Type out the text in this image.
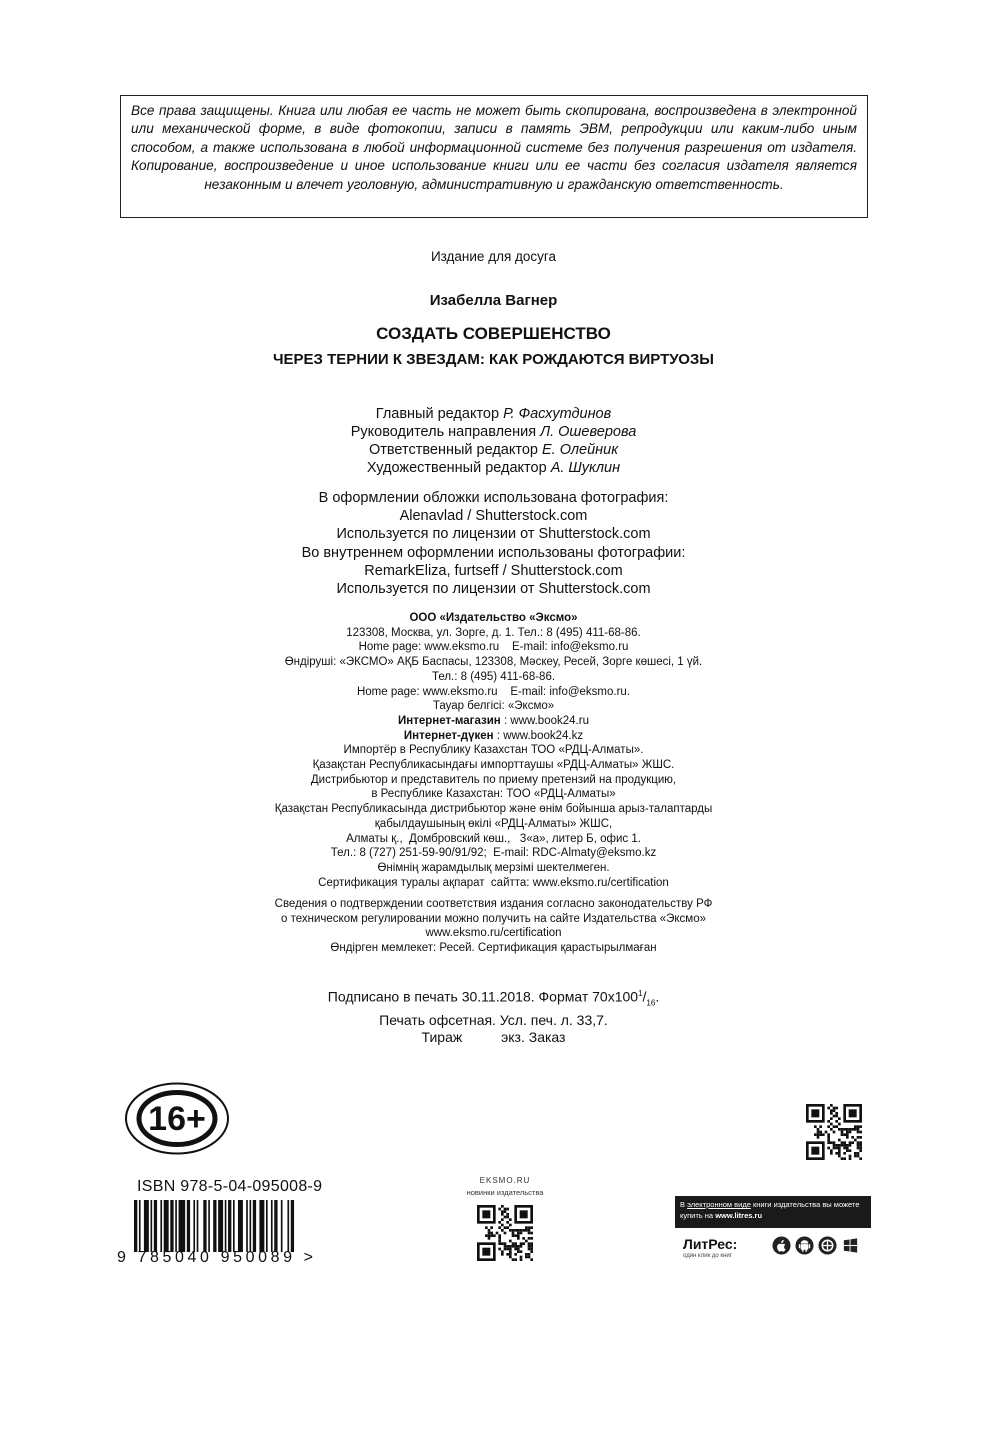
Все права защищены. Книга или любая ее часть не может быть скопирована, воспроизведена в электронной или механической форме, в виде фотокопии, записи в память ЭВМ, репродукции или каким-либо иным способом, а также использована в любой информационной системе без получения разрешения от издателя. Копирование, воспроизведение и иное использование книги или ее части без согласия издателя является незаконным и влечет уголовную, административную и гражданскую ответственность.

Издание для досуга
Изабелла Вагнер
СОЗДАТЬ СОВЕРШЕНСТВО
ЧЕРЕЗ ТЕРНИИ К ЗВЕЗДАМ: КАК РОЖДАЮТСЯ ВИРТУОЗЫ
Главный редактор Р. Фасхутдинов
Руководитель направления Л. Ошеверова
Ответственный редактор Е. Олейник
Художественный редактор А. Шуклин
В оформлении обложки использована фотография:
Alenavlad / Shutterstock.com
Используется по лицензии от Shutterstock.com
Во внутреннем оформлении использованы фотографии:
RemarkEliza, furtseff / Shutterstock.com
Используется по лицензии от Shutterstock.com
ООО «Издательство «Эксмо»
123308, Москва, ул. Зорге, д. 1. Тел.: 8 (495) 411-68-86.
Home page: www.eksmo.ru    E-mail: info@eksmo.ru
Өндіруші: «ЭКСМО» АҚБ Баспасы, 123308, Мәскеу, Ресей, Зорге көшесі, 1 үй.
Тел.: 8 (495) 411-68-86.
Home page: www.eksmo.ru    E-mail: info@eksmo.ru.
Тауар белгісі: «Эксмо»
Интернет-магазин : www.book24.ru
Интернет-дүкен : www.book24.kz
Импортёр в Республику Казахстан ТОО «РДЦ-Алматы».
Қазақстан Республикасындағы импорттаушы «РДЦ-Алматы» ЖШС.
Дистрибьютор и представитель по приему претензий на продукцию,
в Республике Казахстан: ТОО «РДЦ-Алматы»
Қазақстан Республикасында дистрибьютор және өнім бойынша арыз-талаптарды
қабылдаушының өкілі «РДЦ-Алматы» ЖШС,
Алматы қ.,  Домбровский көш.,   3«а», литер Б, офис 1.
Тел.: 8 (727) 251-59-90/91/92;  E-mail: RDC-Almaty@eksmo.kz
Өнімнің жарамдылық мерзімі шектелмеген.
Сертификация туралы ақпарат  сайтта: www.eksmo.ru/certification
Сведения о подтверждении соответствия издания согласно законодательству РФ
о техническом регулировании можно получить на сайте Издательства «Эксмо»
www.eksmo.ru/certification
Өндірген мемлекет: Ресей. Сертификация қарастырылмаған
Подписано в печать 30.11.2018. Формат $70x100^1/_{16}$.
Печать офсетная. Усл. печ. л. 33,7.
Тираж          экз. Заказ
16+
ISBN 978-5-04-095008-9
9 785040 950089 >
EKSMO.RU
новинки издательства
В электронном виде книги издательства вы можете
купить на www.litres.ru
ЛитРес:
один клик до книг
